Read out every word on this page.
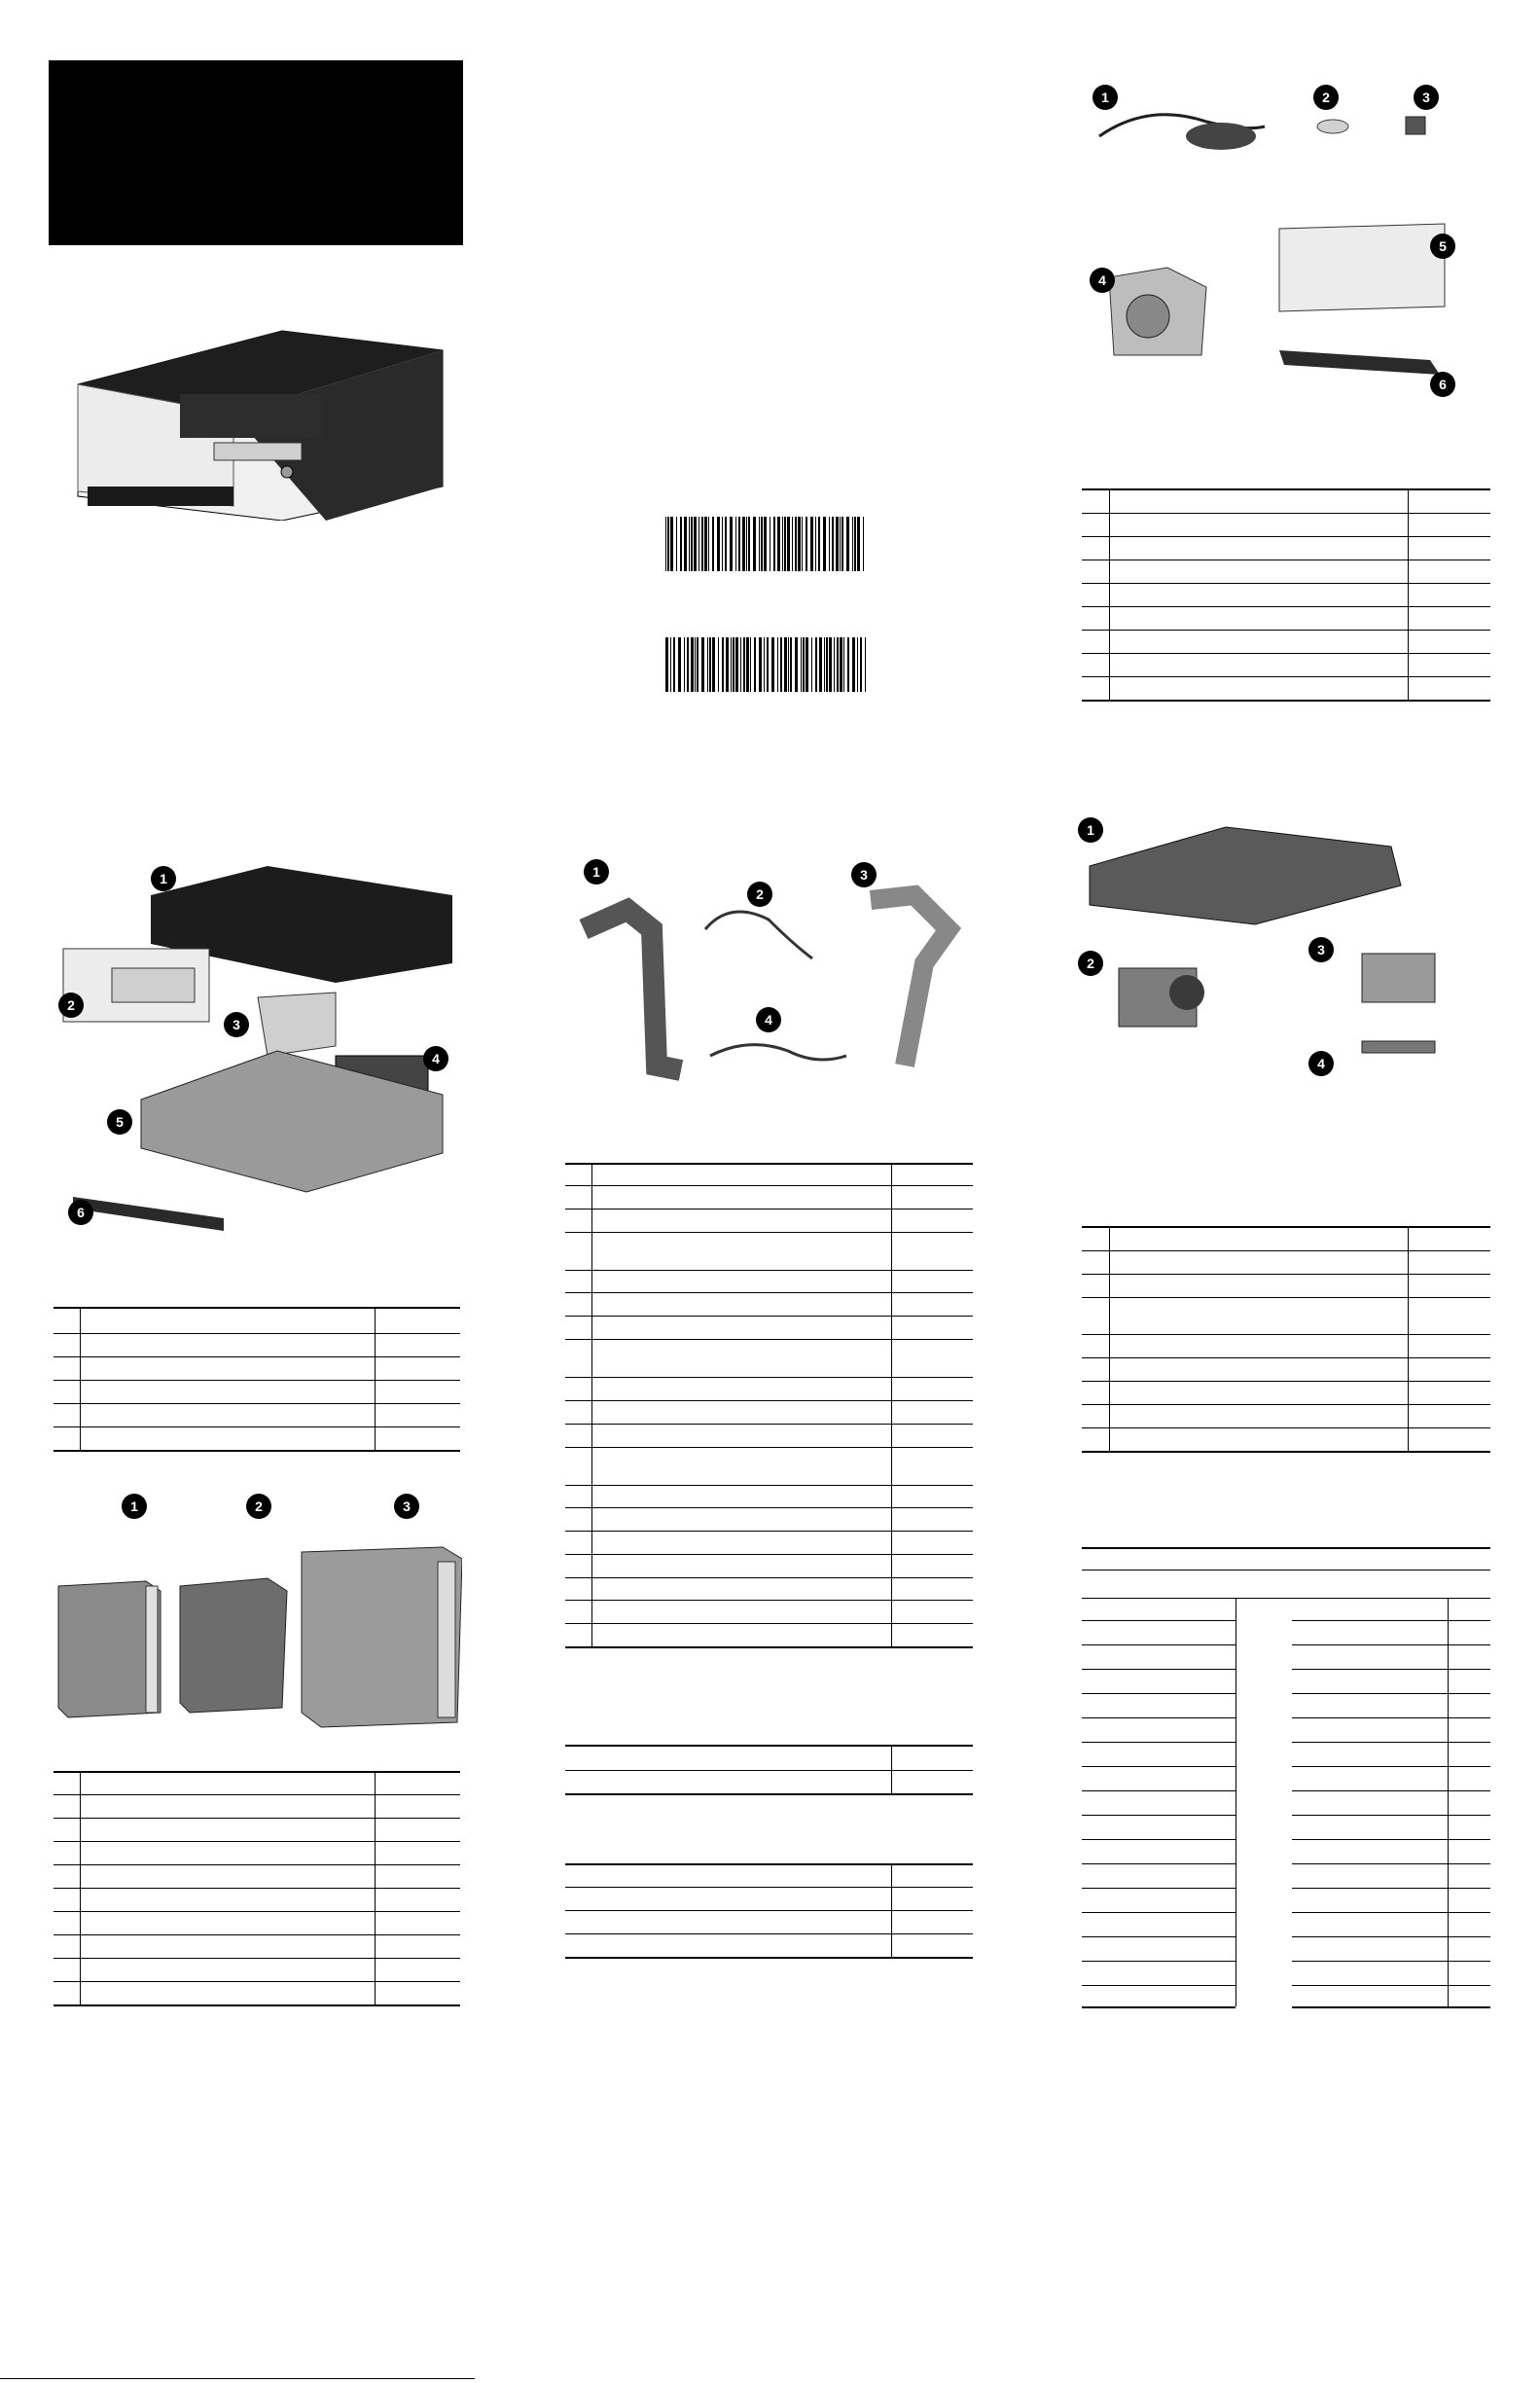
1
2
3
4
5
6
1	2	3
1
2
3
4
1	2	3
4
5
6
1
2
3
4
